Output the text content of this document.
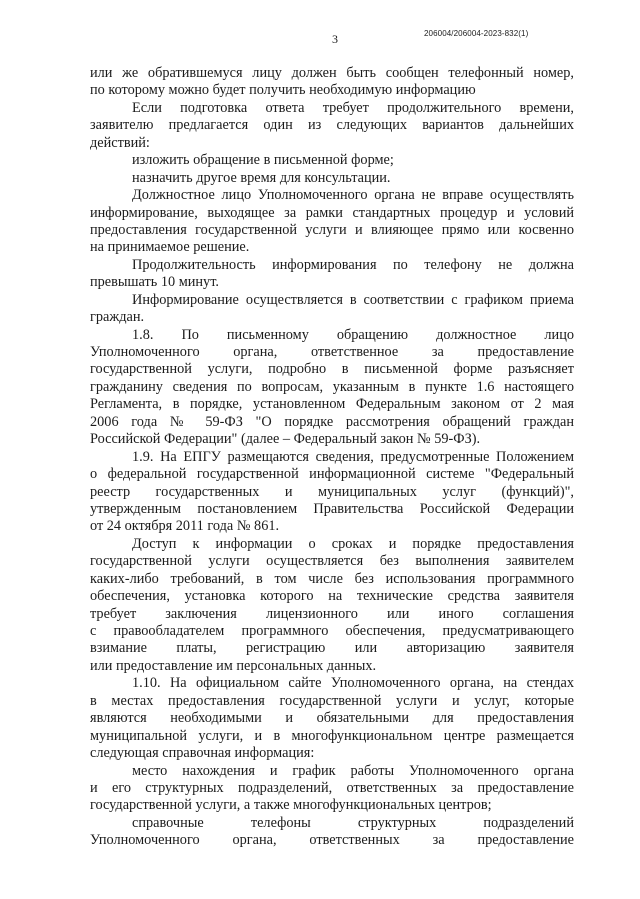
3	206004/206004-2023-832(1)
или же обратившемуся лицу должен быть сообщен телефонный номер,
по которому можно будет получить необходимую информацию
Если подготовка ответа требует продолжительного времени,
заявителю предлагается один из следующих вариантов дальнейших
действий:
изложить обращение в письменной форме;
назначить другое время для консультации.
Должностное лицо Уполномоченного органа не вправе осуществлять
информирование, выходящее за рамки стандартных процедур и условий
предоставления государственной услуги и влияющее прямо или косвенно
на принимаемое решение.
Продолжительность информирования по телефону не должна
превышать 10 минут.
Информирование осуществляется в соответствии с графиком приема
граждан.
1.8. По письменному обращению должностное лицо
Уполномоченного органа, ответственное за предоставление
государственной услуги, подробно в письменной форме разъясняет
гражданину сведения по вопросам, указанным в пункте 1.6 настоящего
Регламента, в порядке, установленном Федеральным законом от 2 мая
2006 года № 59-ФЗ "О порядке рассмотрения обращений граждан
Российской Федерации" (далее – Федеральный закон № 59-ФЗ).
1.9. На ЕПГУ размещаются сведения, предусмотренные Положением
о федеральной государственной информационной системе "Федеральный
реестр государственных и муниципальных услуг (функций)",
утвержденным постановлением Правительства Российской Федерации
от 24 октября 2011 года № 861.
Доступ к информации о сроках и порядке предоставления
государственной услуги осуществляется без выполнения заявителем
каких-либо требований, в том числе без использования программного
обеспечения, установка которого на технические средства заявителя
требует заключения лицензионного или иного соглашения
с правообладателем программного обеспечения, предусматривающего
взимание платы, регистрацию или авторизацию заявителя
или предоставление им персональных данных.
1.10. На официальном сайте Уполномоченного органа, на стендах
в местах предоставления государственной услуги и услуг, которые
являются необходимыми и обязательными для предоставления
муниципальной услуги, и в многофункциональном центре размещается
следующая справочная информация:
место нахождения и график работы Уполномоченного органа
и его структурных подразделений, ответственных за предоставление
государственной услуги, а также многофункциональных центров;
справочные телефоны структурных подразделений
Уполномоченного органа, ответственных за предоставление
